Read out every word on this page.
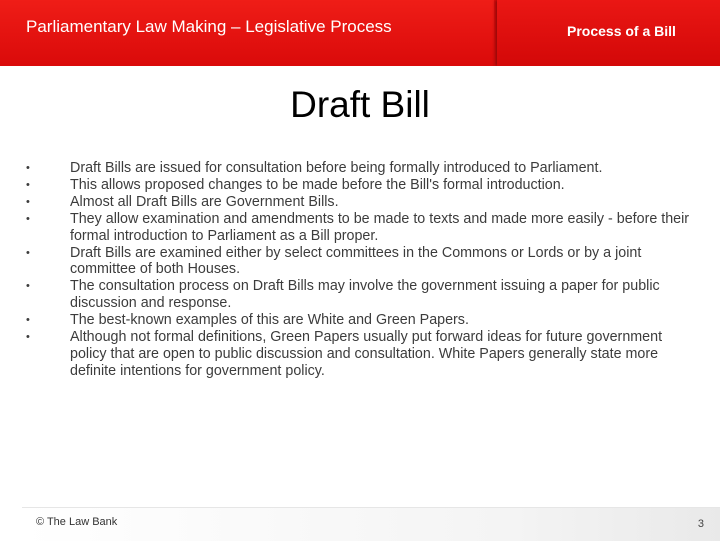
Parliamentary Law Making – Legislative Process	Process of a Bill
Draft Bill
•	Draft Bills are issued for consultation before being formally introduced to Parliament.
•	This allows proposed changes to be made before the Bill's formal introduction.
•	Almost all Draft Bills are Government Bills.
•	They allow examination and amendments to be made to texts and made more easily - before their formal introduction to Parliament as a Bill proper.
•	Draft Bills are examined either by select committees in the Commons or Lords or by a joint committee of both Houses.
•	The consultation process on Draft Bills may involve the government issuing a paper for public discussion and response.
•	The best-known examples of this are White and Green Papers.
•	Although not formal definitions, Green Papers usually put forward ideas for future government policy that are open to public discussion and consultation. White Papers generally state more definite intentions for government policy.
© The Law Bank	3
